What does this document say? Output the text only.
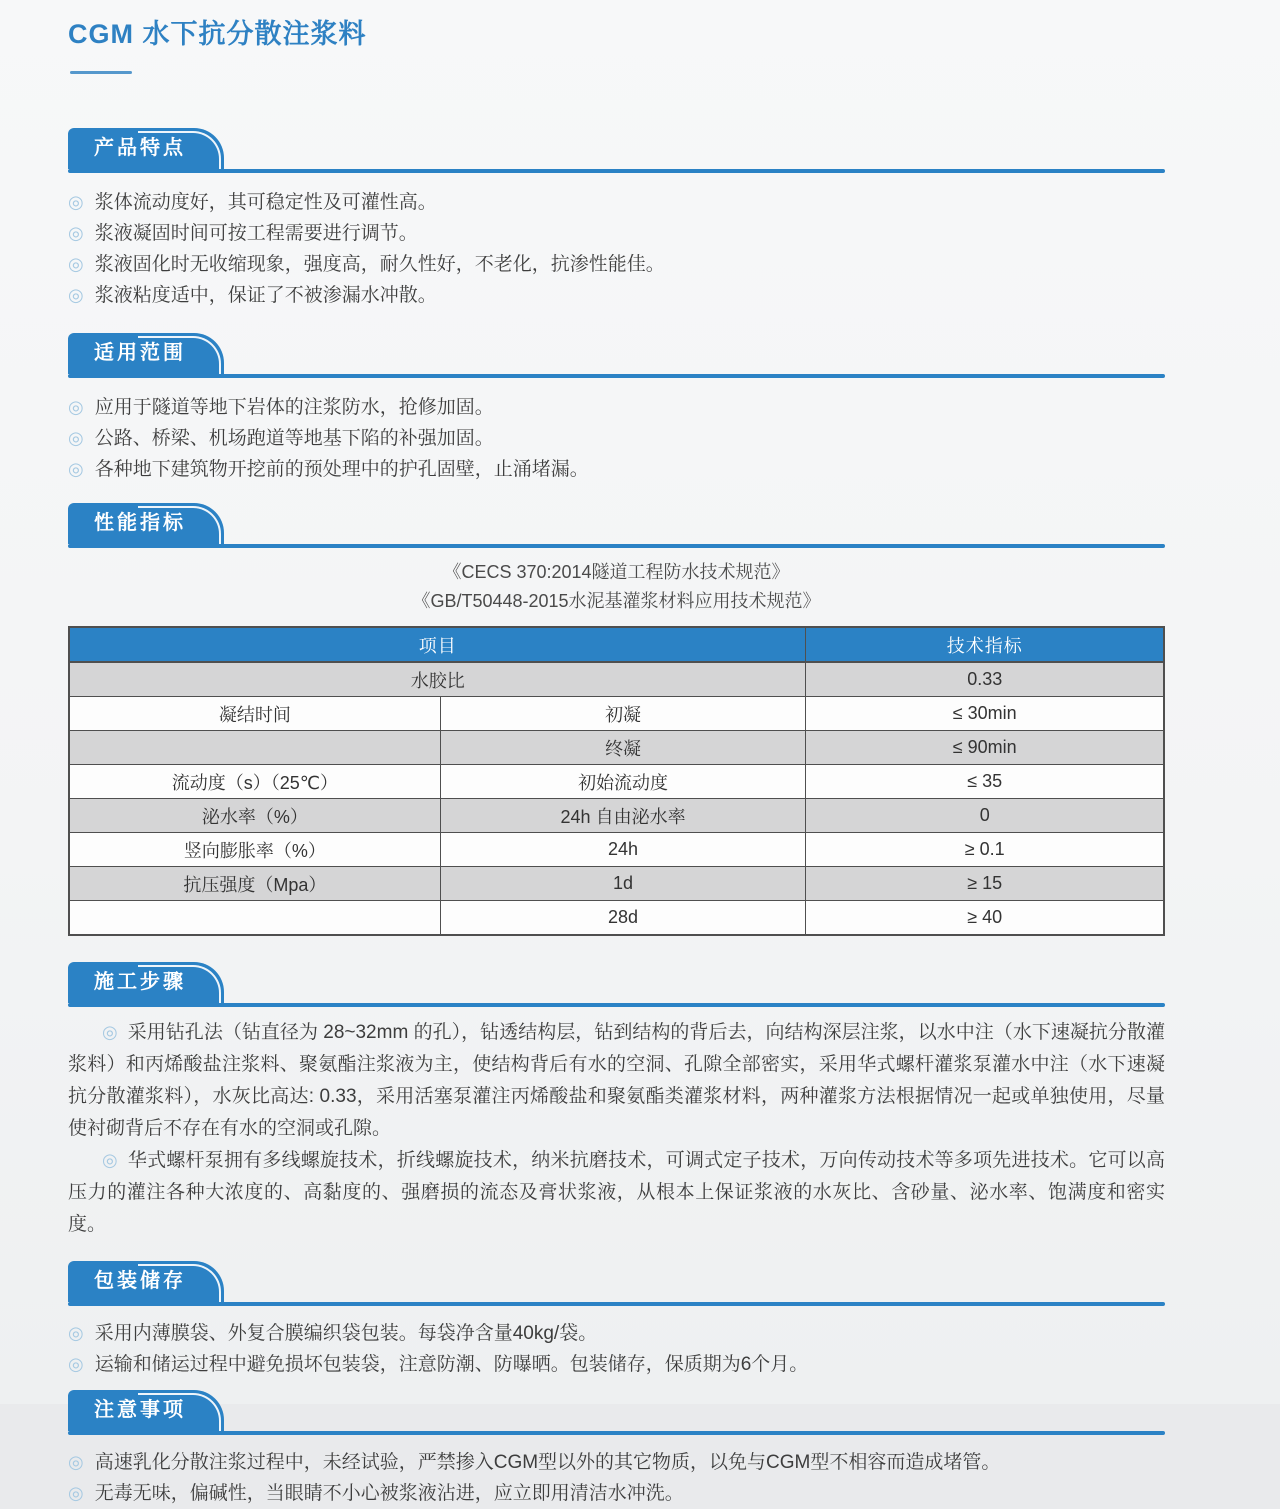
CGM 水下抗分散注浆料
产品特点
◎ 浆体流动度好，其可稳定性及可灌性高。
◎ 浆液凝固时间可按工程需要进行调节。
◎ 浆液固化时无收缩现象，强度高，耐久性好，不老化，抗渗性能佳。
◎ 浆液粘度适中，保证了不被渗漏水冲散。
适用范围
◎ 应用于隧道等地下岩体的注浆防水，抢修加固。
◎ 公路、桥梁、机场跑道等地基下陷的补强加固。
◎ 各种地下建筑物开挖前的预处理中的护孔固壁，止涌堵漏。
性能指标
《CECS 370:2014隧道工程防水技术规范》
《GB/T50448-2015水泥基灌浆材料应用技术规范》
项目		技术指标
水胶比		0.33
凝结时间	初凝	≤ 30min
	终凝	≤ 90min
流动度（s）（25℃）	初始流动度	≤ 35
泌水率（%）	24h 自由泌水率	0
竖向膨胀率（%）	24h	≥ 0.1
抗压强度（Mpa）	1d	≥ 15
	28d	≥ 40
施工步骤

◎ 采用钻孔法（钻直径为 28~32mm 的孔），钻透结构层，钻到结构的背后去，向结构深层注浆，以水中注（水下速凝抗分散灌浆料）和丙烯酸盐注浆料、聚氨酯注浆液为主，使结构背后有水的空洞、孔隙全部密实，采用华式螺杆灌浆泵灌水中注（水下速凝抗分散灌浆料），水灰比高达: 0.33，采用活塞泵灌注丙烯酸盐和聚氨酯类灌浆材料，两种灌浆方法根据情况一起或单独使用，尽量使衬砌背后不存在有水的空洞或孔隙。

◎ 华式螺杆泵拥有多线螺旋技术，折线螺旋技术，纳米抗磨技术，可调式定子技术，万向传动技术等多项先进技术。它可以高压力的灌注各种大浓度的、高黏度的、强磨损的流态及膏状浆液，从根本上保证浆液的水灰比、含砂量、泌水率、饱满度和密实度。

包装储存
◎ 采用内薄膜袋、外复合膜编织袋包装。每袋净含量40kg/袋。
◎ 运输和储运过程中避免损坏包装袋，注意防潮、防曝晒。包装储存，保质期为6个月。
注意事项
◎ 高速乳化分散注浆过程中，未经试验，严禁掺入CGM型以外的其它物质，以免与CGM型不相容而造成堵管。
◎ 无毒无味，偏碱性，当眼睛不小心被浆液沾进，应立即用清洁水冲洗。
